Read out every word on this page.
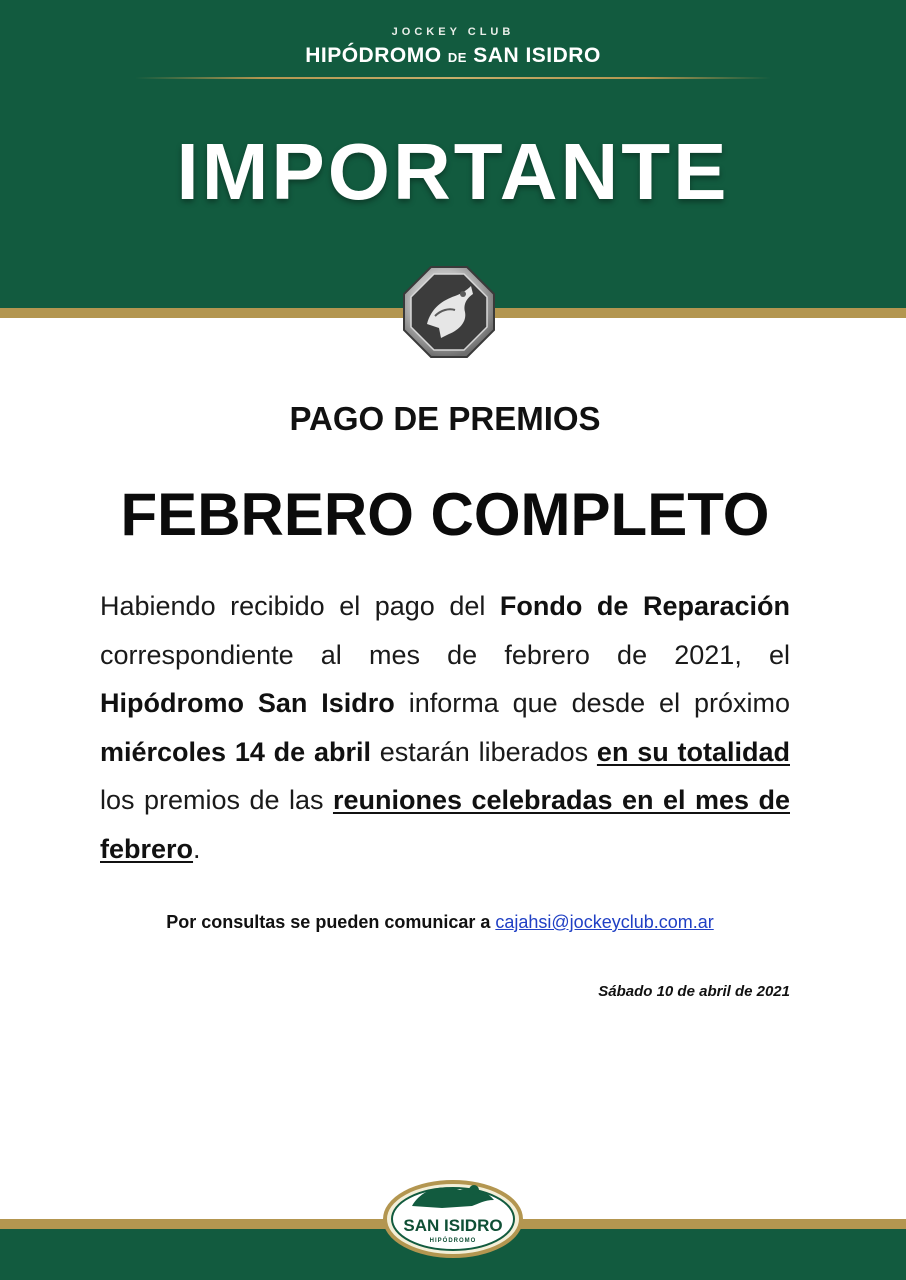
JOCKEY CLUB
HIPÓDROMO DE SAN ISIDRO
IMPORTANTE
PAGO DE PREMIOS
FEBRERO COMPLETO
Habiendo recibido el pago del Fondo de Reparación correspondiente al mes de febrero de 2021, el Hipódromo San Isidro informa que desde el próximo miércoles 14 de abril estarán liberados en su totalidad los premios de las reuniones celebradas en el mes de febrero.
Por consultas se pueden comunicar a cajahsi@jockeyclub.com.ar
Sábado 10 de abril de 2021
SAN ISIDRO
HIPÓDROMO
